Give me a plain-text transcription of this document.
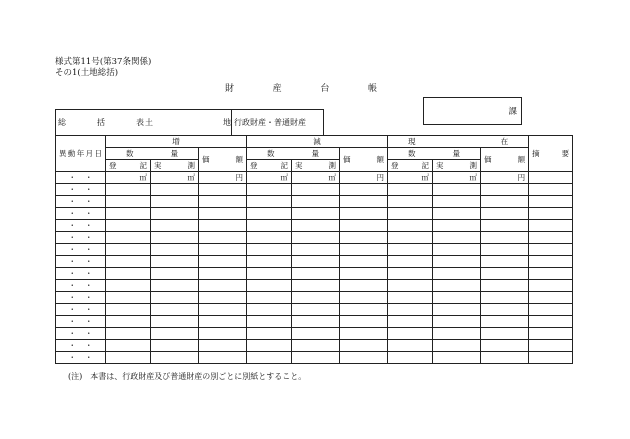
様式第11号(第37条関係)
その1(土地総括)
財	産	台	帳
課
総	括	表 土	地 行政財産・普通財産
異 動 年 月 日	増			減			現 在			摘 要

	数 量		価 額	数 量		価 額	数 量		価 額	

	登 記	実 測		登 記	実 測		登 記	実 測		

・ ・	㎡	㎡	円	㎡	㎡	円	㎡	㎡	円	

・ ・										

・ ・										

・ ・										

・ ・										

・ ・										

・ ・										

・ ・										

・ ・										

・ ・										

・ ・										

・ ・										

・ ・										

・ ・										

・ ・										

・ ・										

(注)　本書は、行政財産及び普通財産の別ごとに別紙とすること。
